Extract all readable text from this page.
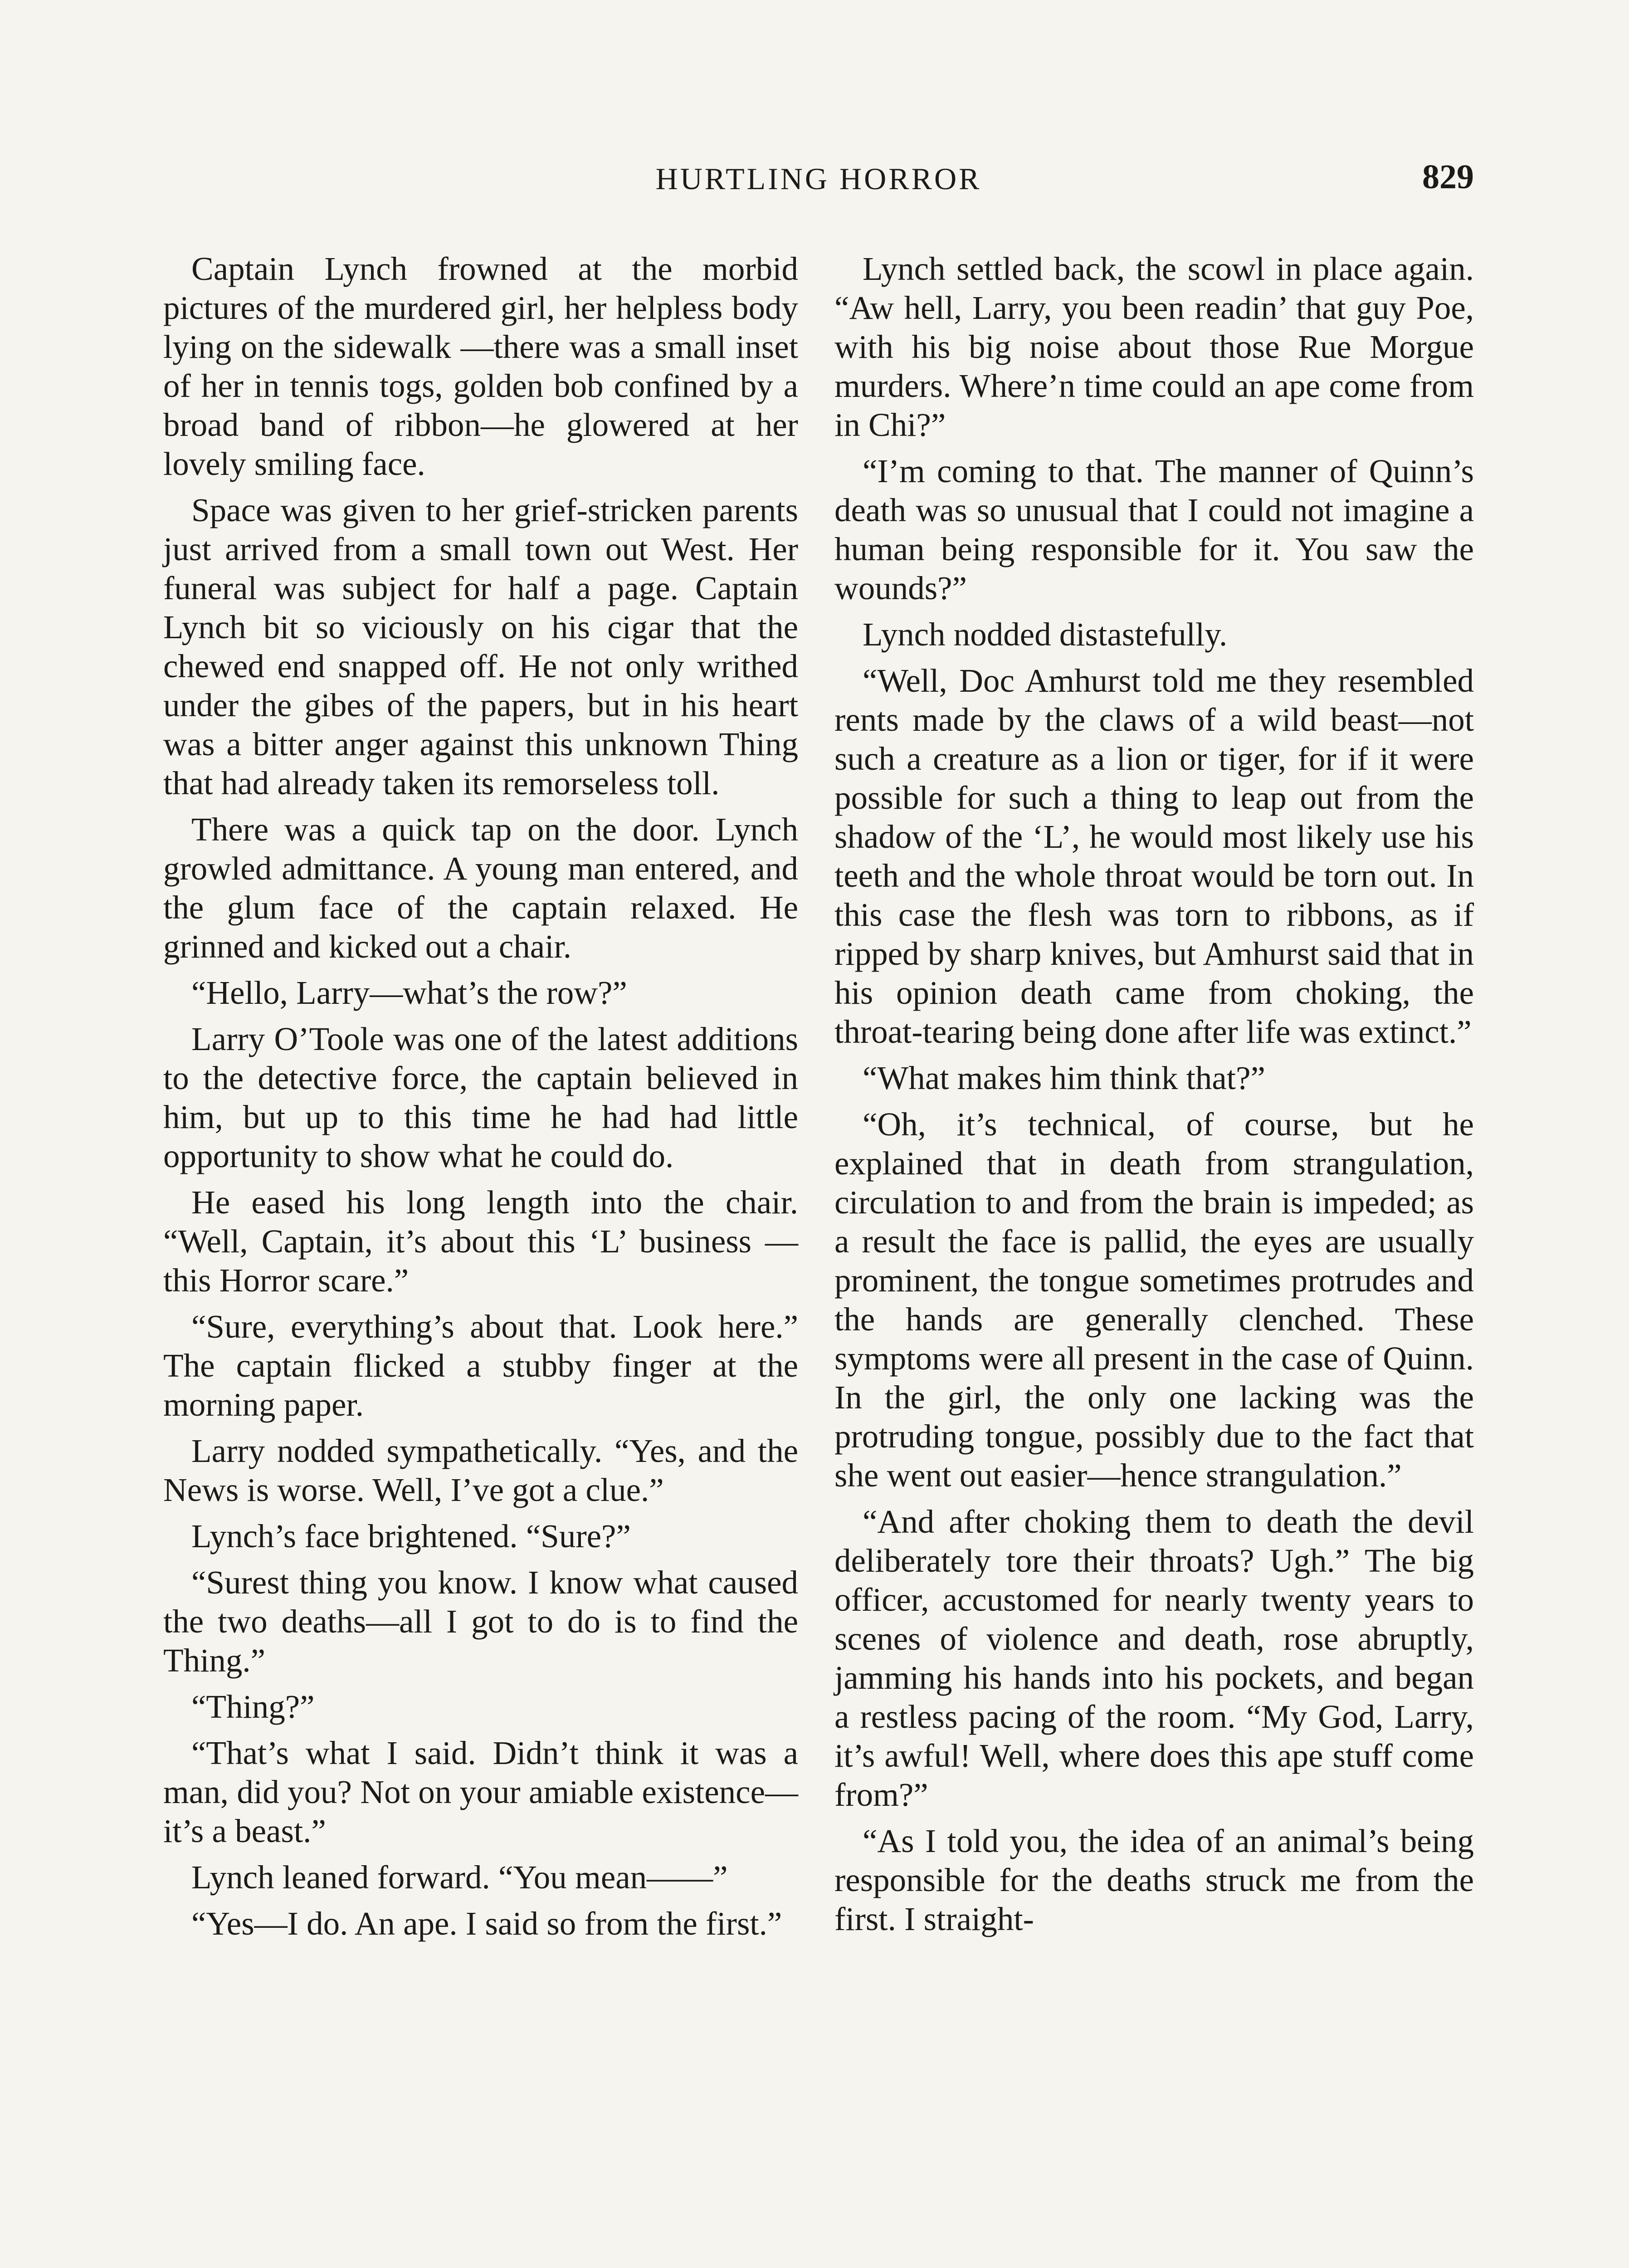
HURTLING HORROR	829

Captain Lynch frowned at the morbid pictures of the murdered girl, her helpless body lying on the sidewalk —there was a small inset of her in tennis togs, golden bob confined by a broad band of ribbon—he glowered at her lovely smiling face.

Space was given to her grief-stricken parents just arrived from a small town out West. Her funeral was subject for half a page. Captain Lynch bit so viciously on his cigar that the chewed end snapped off. He not only writhed under the gibes of the papers, but in his heart was a bitter anger against this unknown Thing that had already taken its remorseless toll.

There was a quick tap on the door. Lynch growled admittance. A young man entered, and the glum face of the captain relaxed. He grinned and kicked out a chair.

“Hello, Larry—what’s the row?”

Larry O’Toole was one of the latest additions to the detective force, the captain believed in him, but up to this time he had had little opportunity to show what he could do.

He eased his long length into the chair. “Well, Captain, it’s about this ‘L’ business — this Horror scare.”

“Sure, everything’s about that. Look here.” The captain flicked a stubby finger at the morning paper.

Larry nodded sympathetically. “Yes, and the News is worse. Well, I’ve got a clue.”

Lynch’s face brightened. “Sure?”

“Surest thing you know. I know what caused the two deaths—all I got to do is to find the Thing.”

“Thing?”

“That’s what I said. Didn’t think it was a man, did you? Not on your amiable existence—it’s a beast.”

Lynch leaned forward. “You mean——”

“Yes—I do. An ape. I said so from the first.”

Lynch settled back, the scowl in place again. “Aw hell, Larry, you been readin’ that guy Poe, with his big noise about those Rue Morgue murders. Where’n time could an ape come from in Chi?”

“I’m coming to that. The manner of Quinn’s death was so unusual that I could not imagine a human being responsible for it. You saw the wounds?”

Lynch nodded distastefully.

“Well, Doc Amhurst told me they resembled rents made by the claws of a wild beast—not such a creature as a lion or tiger, for if it were possible for such a thing to leap out from the shadow of the ‘L’, he would most likely use his teeth and the whole throat would be torn out. In this case the flesh was torn to ribbons, as if ripped by sharp knives, but Amhurst said that in his opinion death came from choking, the throat-tearing being done after life was extinct.”

“What makes him think that?”

“Oh, it’s technical, of course, but he explained that in death from strangulation, circulation to and from the brain is impeded; as a result the face is pallid, the eyes are usually prominent, the tongue sometimes protrudes and the hands are generally clenched. These symptoms were all present in the case of Quinn. In the girl, the only one lacking was the protruding tongue, possibly due to the fact that she went out easier—hence strangulation.”

“And after choking them to death the devil deliberately tore their throats? Ugh.” The big officer, accustomed for nearly twenty years to scenes of violence and death, rose abruptly, jamming his hands into his pockets, and began a restless pacing of the room. “My God, Larry, it’s awful! Well, where does this ape stuff come from?”

“As I told you, the idea of an animal’s being responsible for the deaths struck me from the first. I straight-
